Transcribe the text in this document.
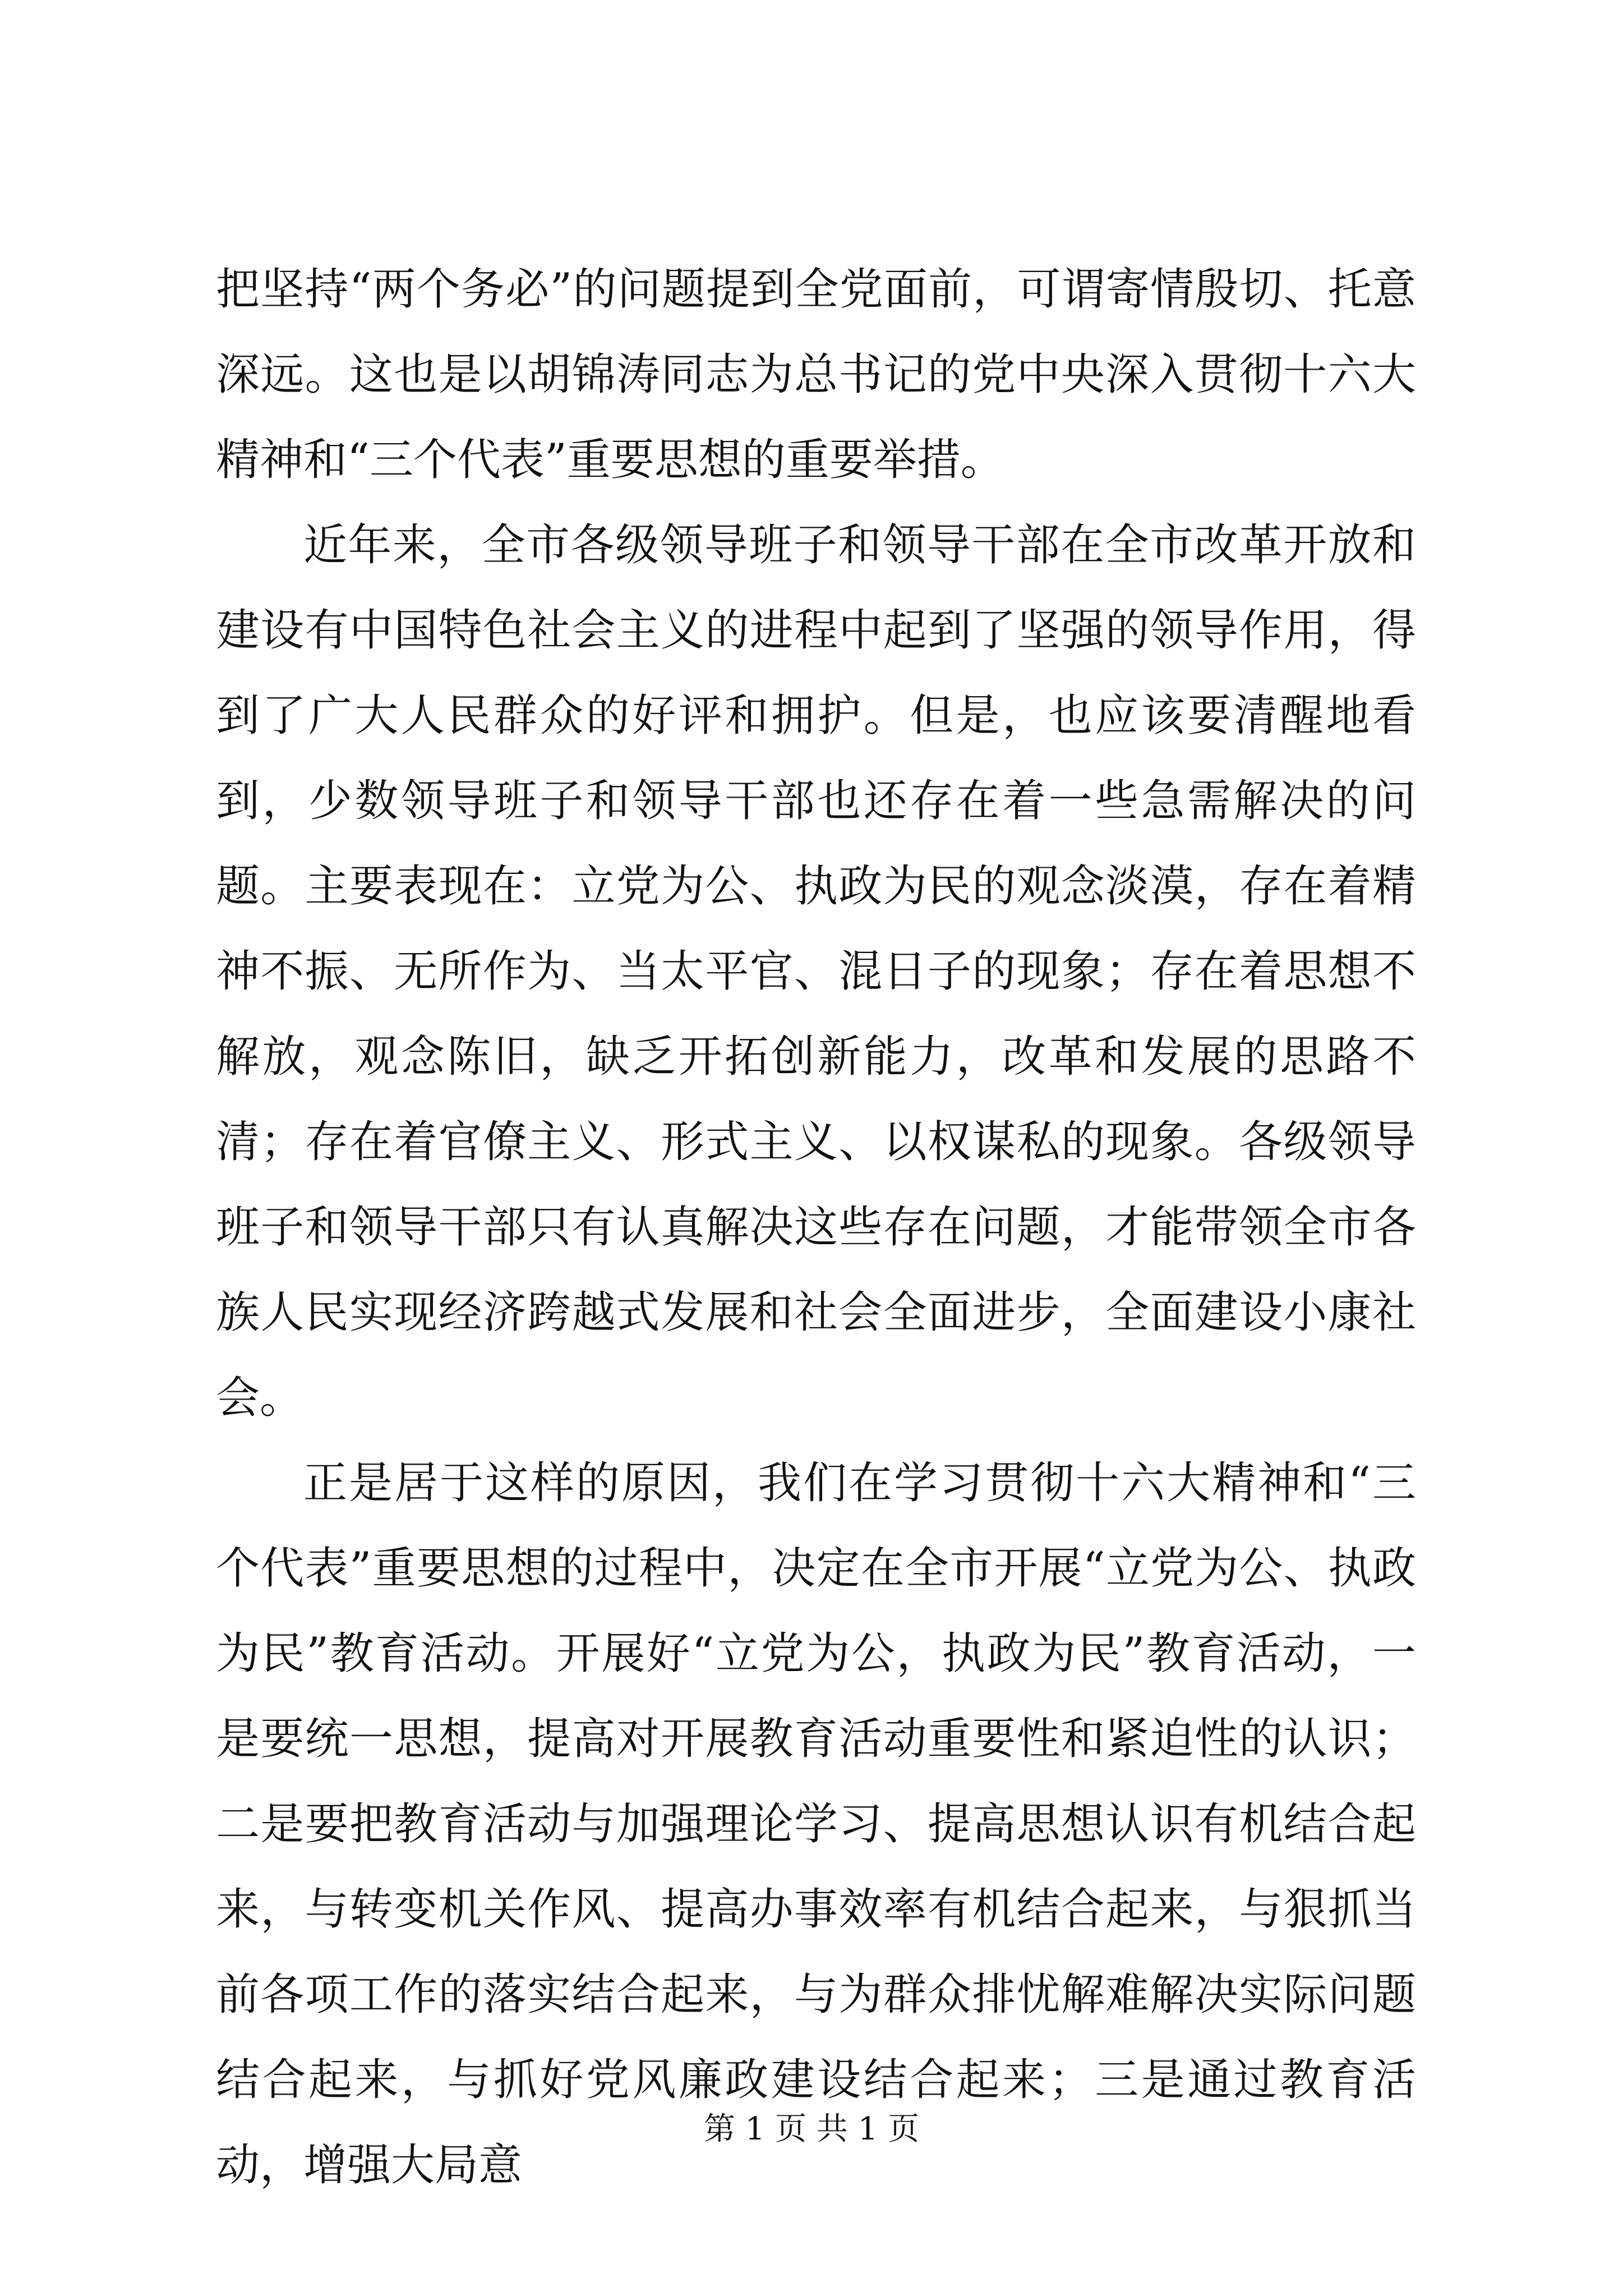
把坚持“两个务必”的问题提到全党面前，可谓寄情殷切、托意深远。这也是以胡锦涛同志为总书记的党中央深入贯彻十六大精神和“三个代表”重要思想的重要举措。

近年来，全市各级领导班子和领导干部在全市改革开放和建设有中国特色社会主义的进程中起到了坚强的领导作用，得到了广大人民群众的好评和拥护。但是，也应该要清醒地看到，少数领导班子和领导干部也还存在着一些急需解决的问题。主要表现在：立党为公、执政为民的观念淡漠，存在着精神不振、无所作为、当太平官、混日子的现象；存在着思想不解放，观念陈旧，缺乏开拓创新能力，改革和发展的思路不清；存在着官僚主义、形式主义、以权谋私的现象。各级领导班子和领导干部只有认真解决这些存在问题，才能带领全市各族人民实现经济跨越式发展和社会全面进步，全面建设小康社会。

正是居于这样的原因，我们在学习贯彻十六大精神和“三个代表”重要思想的过程中，决定在全市开展“立党为公、执政为民”教育活动。开展好“立党为公，执政为民”教育活动，一是要统一思想，提高对开展教育活动重要性和紧迫性的认识；二是要把教育活动与加强理论学习、提高思想认识有机结合起来，与转变机关作风、提高办事效率有机结合起来，与狠抓当前各项工作的落实结合起来，与为群众排忧解难解决实际问题结合起来，与抓好党风廉政建设结合起来；三是通过教育活动，增强大局意

第 1 页 共 1 页
